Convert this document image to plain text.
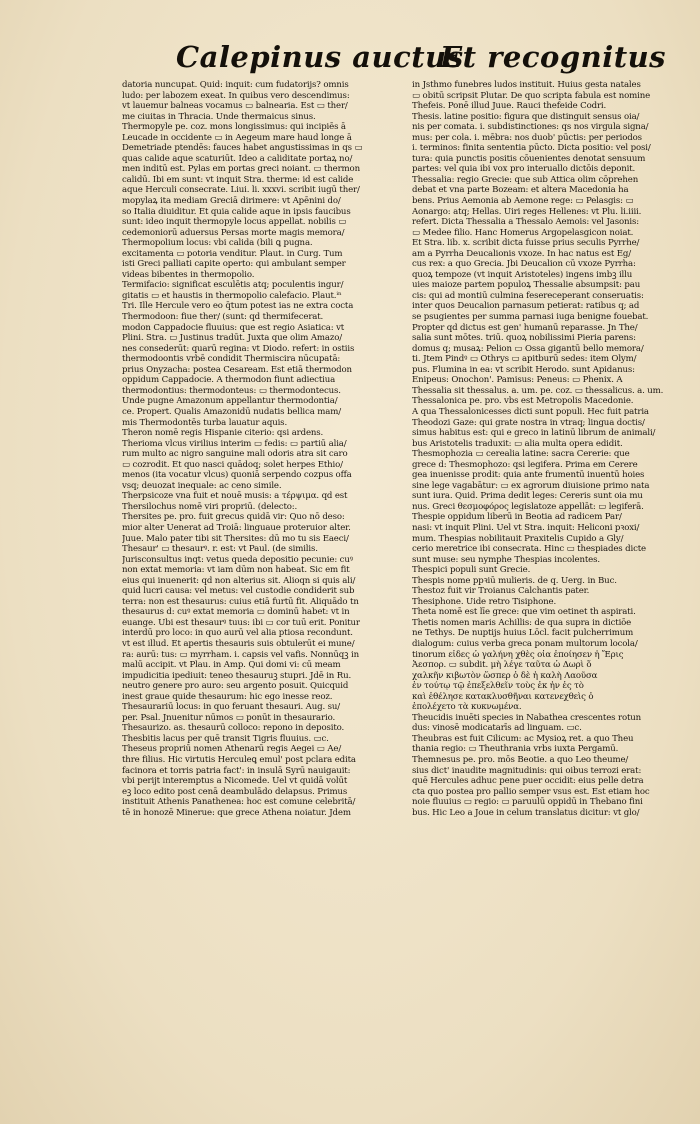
Calepinus auctus
Et recognitus
datoria nuncupat. Quid: inquit: cum fudatorijs? omnis
ludo: per labozem exeat. In quibus vero descendimus:
vt lauemur balneas vocamus ▭ balnearia. Est ▭ ther/
me ciuitas in Thracia. Unde thermaicus sinus.
Thermopyle pe. coz. mons longissimus: qui incipiēs ā
Leucade in occidente ▭ in Aegeum mare haud longe ā
Demetriade ptendēs: fauces habet angustissimas in qs ▭
quas calide aque scaturiūt. Ideo a caliditate portaꝝ no/
men inditū est. Pylas em portas greci noiant. ▭ thermon
calidū. Ibi em sunt: vt inquit Stra. therme: id est calide
aque Herculi consecrate. Liui. li. xxxvi. scribit iugū ther/
mopylaꝝ ita mediam Greciā dirimere: vt Apēnini do/
so Italia diuiditur. Et quia calide aque in ipsis faucibus
sunt: ideo inquit thermopyle locus appellat. nobilis ▭
cedemoniorū aduersus Persas morte magis memora/
Thermopolium locus: vbi calida (bili ꝗ pugna.
excitamenta ▭ potoria venditur. Plaut. in Curg. Tum
isti Greci palliati capite operto: qui ambulant semper
videas bibentes in thermopolio.
Termifacio: significat esculētis atq; poculentis ingur/
gitatis ▭ et haustis in thermopolio calefacio. Plaut.ⁱⁿ
Tri. Ille Hercule vero eo q̄tum potest ias ne extra cocta
Thermodoon: fiue ther/ (sunt: qd thermifecerat.
modon Cappadocie fluuius: que est regio Asiatica: vt
Plini. Stra. ▭ Justinus tradūt. Juxta que olim Amazo/
nes consederūt: quarū regina: vt Diodo. refert: in ostiis
thermodoontis vrbē condidit Thermiscira nūcupatā:
prius Onyzacha: postea Cesaream. Est etiā thermodon
oppidum Cappadocie. A thermodon fiunt adiectiua
thermodontius: thermodonteus: ▭ thermodontecus.
Unde pugne Amazonum appellantur thermodontia/
ce. Propert. Qualis Amazonidū nudatis bellica mam/
mis Thermodontēs turba lauatur aquis.
Theron nomē regis Hispanie citerio: qsi ardens.
Therioma vlcus virilius interim ▭ fedis: ▭ partiū alia/
rum multo ac nigro sanguine mali odoris atra sit caro
▭ cozrodit. Et quo nasci quādoq; solet herpes Ethio/
menos (ita vocatur vlcus) quoniā serpendo cozpus offa
vsq; deuozat inequale: ac ceno simile.
Therpsicoze vna fuit et nouē musis: a τέρψιμα. qd est
Thersilochus nomē viri propriū. (delecto:.
Thersites pe. pro. fuit grecus quidā vir: Quo nō deso:
mior alter Uenerat ad Troiā: linguaue proteruior alter.
Juue. Malo pater tibi sit Thersites: dū mo tu sis Eaeci/
Thesaur' ▭ thesaurꝰ. r. est: vt Paul. (de similis.
Jurisconsultus inqt: vetus queda depositio pecunie: cuꝰ
non extat memoria: vt iam dūm non habeat. Sic em fit
eius qui inuenerit: qd non alterius sit. Alioqn si quis ali/
quid lucri causa: vel metus: vel custodie condiderit sub
terra: non est thesaurus: cuius etiā furtū fit. Aliquādo tn
thesaurus d: cuꝰ extat memoria ▭ dominū habet: vt in
euange. Ubi est thesaurꝰ tuus: ibi ▭ cor tuū erit. Ponitur
interdū pro loco: in quo aurū vel alia ptiosa recondunt.
vt est illud. Et apertis thesauris suis obtulerūt ei mune/
ra: aurū: tus: ▭ myrrham. i. capsis vel vafis. Nonnūqꝫ in
malū accipit. vt Plau. in Amp. Qui domi vi: cū meam
impudicitia ipediuit: teneo thesauruꝫ stupri. Jdē in Ru.
neutro genere pro auro: seu argento posuit. Quicquid
inest graue quide thesaurum: hic ego inesse reoz.
Thesaurariū locus: in quo feruant thesauri. Aug. su/
per. Psal. Jnuenitur nūmos ▭ ponūt in thesaurario.
Thesaurizo. as. thesaurū colloco: repono in deposito.
Thesbitis lacus per quē transit Tigris fluuius. ▭c.
Theseus propriū nomen Athenarū regis Aegei ▭ Ae/
thre filius. Hic virtutis Herculeꝗ emul' post pclara edita
facinora et torris patria fact': in insulā Syrū nauigauit:
vbi perijt interemptus a Nicomede. Uel vt quidā volūt
eꝫ loco edito post cenā deambulādo delapsus. Primus
instituit Athenis Panathenea: hoc est comune celebritā/
tē in honozē Minerue: que grece Athena noiatur. Jdem
in Jsthmo funebres ludos instituit. Huius gesta natales
▭ obitū scripsit Plutar. De quo scripta fabula est nomine
Thefeis. Ponē illud Juue. Rauci thefeide Codri.
Thesis. latine positio: figura que distinguit sensus oia/
nis per comata. i. subdistinctiones: qs nos virgula signa/
mus: per cola. i. mēbra: nos duob' pūctis: per periodos
i. terminos: finita sententia pūcto. Dicta positio: vel posi/
tura: quia punctis positis cōuenientes denotat sensuum
partes: vel quia ibi vox pro interuallo dictōis deponit.
Thessalia: regio Grecie: que sub Attica olim cōprehen
debat et vna parte Bozeam: et altera Macedonia ha
bens. Prius Aemonia ab Aemone rege: ▭ Pelasgis: ▭
Aonargo: atq; Hellas. Uiri reges Hellenes: vt Plu. li.iiii.
refert. Dicta Thessalia a Thessalo Aemois: vel Jasonis:
▭ Medee filio. Hanc Homerus Argopelasgicon noiat.
Et Stra. lib. x. scribit dicta fuisse prius seculis Pyrrhe/
am a Pyrrha Deucalionis vxoze. In hac natus est Eg/
cus rex: a quo Grecia. Jbi Deucalion cū vxoze Pyrrha:
quoꝝ tempoze (vt inquit Aristoteles) ingens imbꝫ illu
uies maioze partem populoꝝ Thessalie absumpsit: pau
cis: qui ad montiū culmina fesereceperant conseruatis:
inter quos Deucalion parnasum petierat: ratibus q; ad
se psugientes per summa parnasi iuga benigne fouebat.
Propter qd dictus est gen' humanū reparasse. Jn The/
salia sunt mōtes. triū. quoꝝ nobilissimi Pieria parens:
domus q; musaꝝ: Pelion ▭ Ossa gigantū bello memora/
ti. Jtem Pindꝰ ▭ Othrys ▭ apitburū sedes: item Olym/
pus. Flumina in ea: vt scribit Herodo. sunt Apidanus:
Enipeus: Onochon'. Pamisus: Peneus: ▭ Phenix. A
Thessalia sit thessalus. a. um. pe. coz. ▭ thessalicus. a. um.
Thessalonica pe. pro. vbs est Metropolis Macedonie.
A qua Thessalonicesses dicti sunt populi. Hec fuit patria
Theodozi Gaze: qui grate nostra in vtraq; lingua doctis/
simus habitus est: qui e greco in latinū librum de animali/
bus Aristotelis traduxit: ▭ alia multa opera edidit.
Thesmophozia ▭ cerealia latine: sacra Cererie: que
grece d: Thesmophozo: qsi legifera. Prima em Cerere
gea inuenisse prodit: quia ante frumentū inuentū hoies
sine lege vagabātur: ▭ ex agrorum diuisione primo nata
sunt iura. Quid. Prima dedit leges: Cereris sunt oia mu
nus. Greci θεσμοφόρος legislatoze appellāt: ▭ legiferā.
Thespie oppidum liberū in Beotia ad radicem Par/
nasi: vt inquit Plini. Uel vt Stra. inquit: Heliconi pꝛoxi/
mum. Thespias nobilitauit Praxitelis Cupido a Gly/
cerio meretrice ibi consecrata. Hinc ▭ thespiades dicte
sunt muse: seu nymphe Thespias incolentes.
Thespici populi sunt Grecie.
Thespis nome ppꝛiū mulieris. de q. Uerg. in Buc.
Thestoz fuit vir Troianus Calchantis pater.
Thesiphone. Uide retro Tisiphone.
Theta nomē est līe grece: que vim oetinet th aspirati.
Thetis nomen maris Achillis: de qua supra in dictiōe
ne Tethys. De nuptijs huius Lōcl. facit pulcherrimum
dialogum: cuius verba greca ponam multorum locola/
tinorum εἶδες ὦ γαλήνη χθὲς οἷα ἐποίησεν ἡ Ἔρις
Ἀεσπορ. ▭ subdit. μὴ λέγε ταῦτα ὦ Δωρὶ ὅ
χαλκῆν κιβωτὸν ὥσπερ ὁ δὲ ἡ καλὴ Λαοῦσα
ἐν τούτῳ τῷ ἐπεξελθεῖν τοὺς ἐκ ἦν ἐς τὸ
καὶ ἐθέλησε κατακλυσθῆναι κατενεχθεὶς ὁ
ἐπολέχετο τὰ κυκνωμένα.
Theucidis inuēti species in Nabathea crescentes rotun
dus: vinosē modicatarīs ad linguam. ▭c.
Theubras est fuit Cilicum: ac Mysioꝝ ret. a quo Theu
thania regio: ▭ Theuthrania vrbs iuxta Pergamū.
Themnesus pe. pro. mōs Beotie. a quo Leo theume/
sius dict' inaudite magnitudinis: qui oibus terrozi erat:
quē Hercules adhuc pene puer occidit: eius pelle detra
cta quo postea pro pallio semper vsus est. Est etiam hoc
noie fluuius ▭ regio: ▭ paruulū oppidū in Thebano fini
bus. Hic Leo a Joue in celum translatus dicitur: vt glo/
